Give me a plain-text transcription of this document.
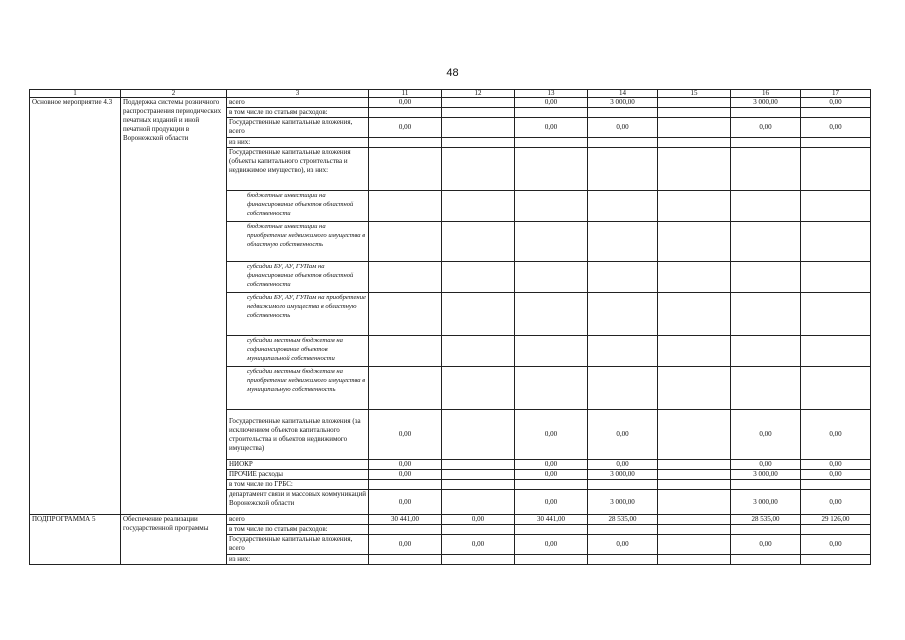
48
1	2	3	11	12	13	14	15	16	17
Основное мероприятие 4.3	Поддержка системы розничного распространения периодических печатных изданий и иной печатной продукции в Воронежской области	всего	0,00		0,00	3 000,00		3 000,00	0,00
		в том числе по статьям расходов:							
		Государственные капитальные вложения, всего	0,00		0,00	0,00		0,00	0,00
		из них:							
		Государственные капитальные вложения (объекты капитального строительства и недвижимое имущество), из них:							
		бюджетные инвестиции на финансирование объектов областной собственности							
		бюджетные инвестиции на приобретение недвижимого имущества в областную собственность							
		субсидии БУ, АУ, ГУПам на финансирование объектов областной собственности							
		субсидии БУ, АУ, ГУПам на приобретение недвижимого имущества в областную собственность							
		субсидии местным бюджетам на софинансирование объектов муниципальной собственности							
		субсидии местным бюджетам на приобретение недвижимого имущества в муниципальную собственность							
		Государственные капитальные вложения (за исключением объектов капитального строительства и объектов недвижимого имущества)	0,00		0,00	0,00		0,00	0,00
		НИОКР	0,00		0,00	0,00		0,00	0,00
		ПРОЧИЕ расходы	0,00		0,00	3 000,00		3 000,00	0,00
		в том числе по ГРБС:							
		департамент связи и массовых коммуникаций Воронежской области	0,00		0,00	3 000,00		3 000,00	0,00
ПОДПРОГРАММА 5	Обеспечение реализации государственной программы	всего	30 441,00	0,00	30 441,00	28 535,00		28 535,00	29 126,00
		в том числе по статьям расходов:							
		Государственные капитальные вложения, всего	0,00	0,00	0,00	0,00		0,00	0,00
		из них:							
